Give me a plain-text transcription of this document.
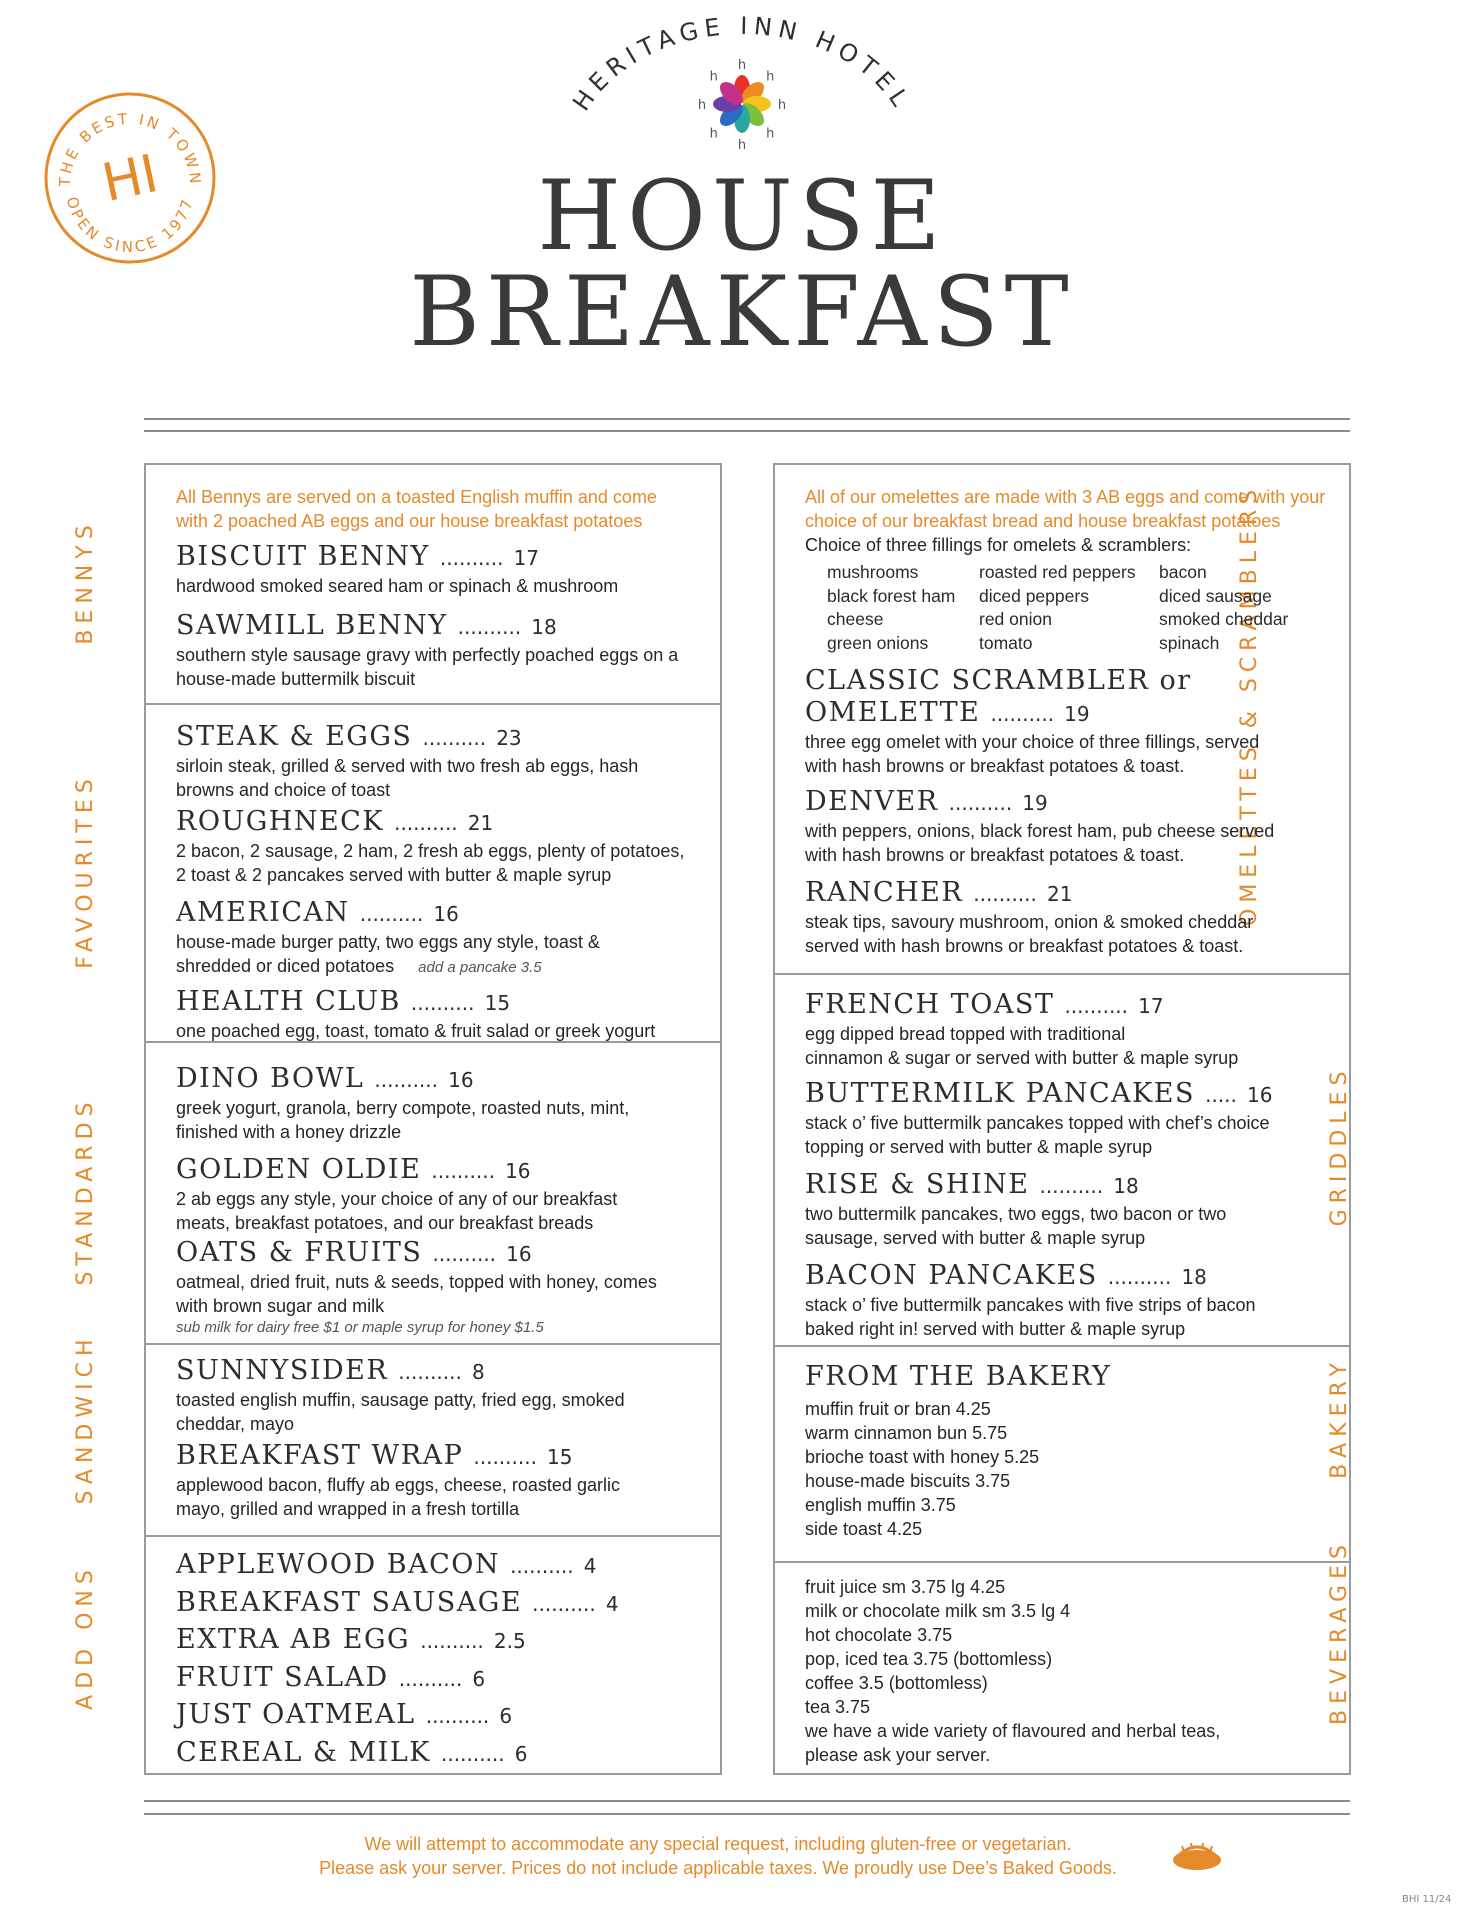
HERITAGE INN HOTEL
h
h
h
h
h
h
h
h
HOUSE
BREAKFAST
THE BEST IN TOWN
OPEN SINCE 1977
HI
BENNYS
FAVOURITES
STANDARDS
SANDWICH
ADD ONS
OMELETTES & SCRAMBLERS
GRIDDLES
BAKERY
BEVERAGES
All Bennys are served on a toasted English muffin and come
with 2 poached AB eggs and our house breakfast potatoes
BISCUIT BENNY .......... 17
hardwood smoked seared ham or spinach & mushroom
SAWMILL BENNY .......... 18
southern style sausage gravy with perfectly poached eggs on a
house-made buttermilk biscuit
STEAK & EGGS .......... 23
sirloin steak, grilled & served with two fresh ab eggs, hash
browns and choice of toast
ROUGHNECK .......... 21
2 bacon, 2 sausage, 2 ham, 2 fresh ab eggs, plenty of potatoes,
2 toast & 2 pancakes served with butter & maple syrup
AMERICAN .......... 16
house-made burger patty, two eggs any style, toast &
shredded or diced potatoes add a pancake 3.5
HEALTH CLUB .......... 15
one poached egg, toast, tomato & fruit salad or greek yogurt
DINO BOWL .......... 16
greek yogurt, granola, berry compote, roasted nuts, mint,
finished with a honey drizzle
GOLDEN OLDIE .......... 16
2 ab eggs any style, your choice of any of our breakfast
meats, breakfast potatoes, and our breakfast breads
OATS & FRUITS .......... 16
oatmeal, dried fruit, nuts & seeds, topped with honey, comes
with brown sugar and milk
sub milk for dairy free $1 or maple syrup for honey $1.5
SUNNYSIDER .......... 8
toasted english muffin, sausage patty, fried egg, smoked
cheddar, mayo
BREAKFAST WRAP .......... 15
applewood bacon, fluffy ab eggs, cheese, roasted garlic
mayo, grilled and wrapped in a fresh tortilla
APPLEWOOD BACON .......... 4
BREAKFAST SAUSAGE .......... 4
EXTRA AB EGG .......... 2.5
FRUIT SALAD .......... 6
JUST OATMEAL .......... 6
CEREAL & MILK .......... 6
All of our omelettes are made with 3 AB eggs and come with your
choice of our breakfast bread and house breakfast potatoes
Choice of three fillings for omelets & scramblers:
mushrooms
black forest ham
cheese
green onions
roasted red peppers
diced peppers
red onion
tomato
bacon
diced sausage
smoked cheddar
spinach
CLASSIC SCRAMBLER or
OMELETTE .......... 19
three egg omelet with your choice of three fillings, served
with hash browns or breakfast potatoes & toast.
DENVER .......... 19
with peppers, onions, black forest ham, pub cheese served
with hash browns or breakfast potatoes & toast.
RANCHER .......... 21
steak tips, savoury mushroom, onion & smoked cheddar
served with hash browns or breakfast potatoes & toast.
FRENCH TOAST .......... 17
egg dipped bread topped with traditional
cinnamon & sugar or served with butter & maple syrup
BUTTERMILK PANCAKES ..... 16
stack o’ five buttermilk pancakes topped with chef’s choice
topping or served with butter & maple syrup
RISE & SHINE .......... 18
two buttermilk pancakes, two eggs, two bacon or two
sausage, served with butter & maple syrup
BACON PANCAKES .......... 18
stack o’ five buttermilk pancakes with five strips of bacon
baked right in! served with butter & maple syrup
FROM THE BAKERY
muffin fruit or bran 4.25
warm cinnamon bun 5.75
brioche toast with honey 5.25
house-made biscuits 3.75
english muffin 3.75
side toast 4.25
fruit juice sm 3.75 lg 4.25
milk or chocolate milk sm 3.5 lg 4
hot chocolate 3.75
pop, iced tea 3.75 (bottomless)
coffee 3.5 (bottomless)
tea 3.75
we have a wide variety of flavoured and herbal teas,
please ask your server.
We will attempt to accommodate any special request, including gluten-free or vegetarian.
Please ask your server. Prices do not include applicable taxes. We proudly use Dee’s Baked Goods.
BHI 11/24
